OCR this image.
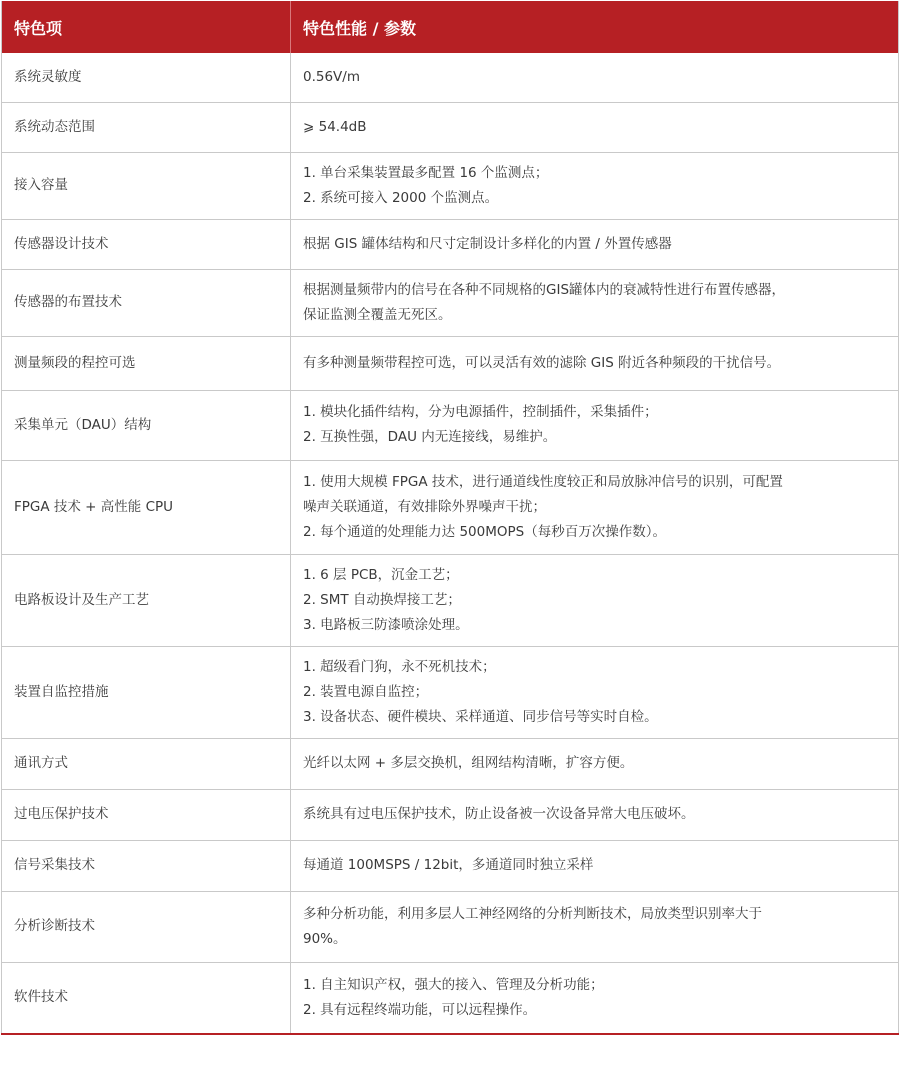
特色项	特色性能 / 参数
系统灵敏度	0.56V/m

系统动态范围	⩾ 54.4dB

接入容量	1. 单台采集装置最多配置 16 个监测点；
2. 系统可接入 2000 个监测点。

传感器设计技术	根据 GIS 罐体结构和尺寸定制设计多样化的内置 / 外置传感器

传感器的布置技术	根据测量频带内的信号在各种不同规格的GIS罐体内的衰减特性进行布置传感器，
保证监测全覆盖无死区。

测量频段的程控可选	有多种测量频带程控可选，可以灵活有效的滤除 GIS 附近各种频段的干扰信号。

采集单元（DAU）结构	1. 模块化插件结构，分为电源插件，控制插件，采集插件；
2. 互换性强，DAU 内无连接线，易维护。

FPGA 技术 + 高性能 CPU	1. 使用大规模 FPGA 技术，进行通道线性度较正和局放脉冲信号的识别，可配置
噪声关联通道，有效排除外界噪声干扰；
2. 每个通道的处理能力达 500MOPS（每秒百万次操作数）。

电路板设计及生产工艺	1. 6 层 PCB，沉金工艺；
2. SMT 自动换焊接工艺；
3. 电路板三防漆喷涂处理。

装置自监控措施	1. 超级看门狗，永不死机技术；
2. 装置电源自监控；
3. 设备状态、硬件模块、采样通道、同步信号等实时自检。

通讯方式	光纤以太网 + 多层交换机，组网结构清晰，扩容方便。

过电压保护技术	系统具有过电压保护技术，防止设备被一次设备异常大电压破坏。

信号采集技术	每通道 100MSPS / 12bit，多通道同时独立采样

分析诊断技术	多种分析功能，利用多层人工神经网络的分析判断技术，局放类型识别率大于
90%。

软件技术	1. 自主知识产权，强大的接入、管理及分析功能；
2. 具有远程终端功能，可以远程操作。
